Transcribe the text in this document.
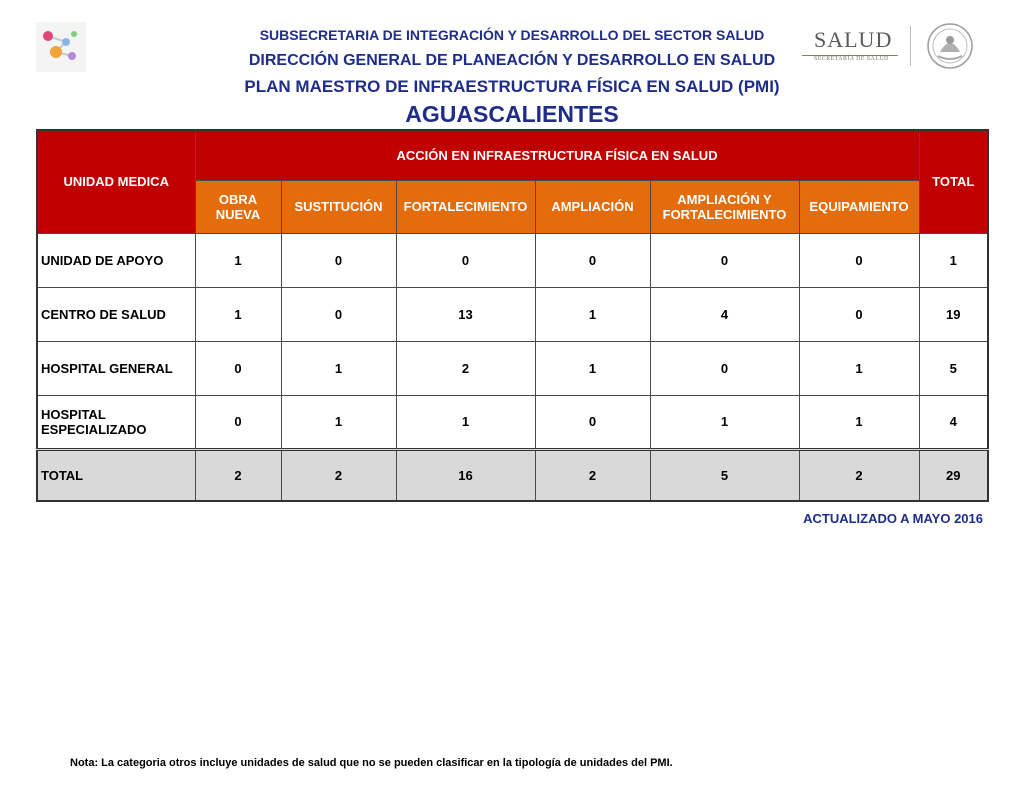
SALUD
SECRETARÍA DE SALUD
SUBSECRETARIA DE INTEGRACIÓN Y DESARROLLO DEL SECTOR SALUD
DIRECCIÓN GENERAL DE PLANEACIÓN Y DESARROLLO EN SALUD
PLAN MAESTRO DE INFRAESTRUCTURA FÍSICA EN SALUD (PMI)
AGUASCALIENTES
UNIDAD MEDICA	ACCIÓN EN INFRAESTRUCTURA FÍSICA EN SALUD						TOTAL
	OBRA NUEVA	SUSTITUCIÓN	FORTALECIMIENTO	AMPLIACIÓN	AMPLIACIÓN Y FORTALECIMIENTO	EQUIPAMIENTO	
UNIDAD DE APOYO	1	0	0	0	0	0	1
CENTRO DE SALUD	1	0	13	1	4	0	19
HOSPITAL GENERAL	0	1	2	1	0	1	5
HOSPITAL ESPECIALIZADO	0	1	1	0	1	1	4
TOTAL	2	2	16	2	5	2	29
ACTUALIZADO A MAYO 2016
Nota: La categoria otros incluye unidades de salud que no se pueden clasificar en la tipología de unidades del PMI.
